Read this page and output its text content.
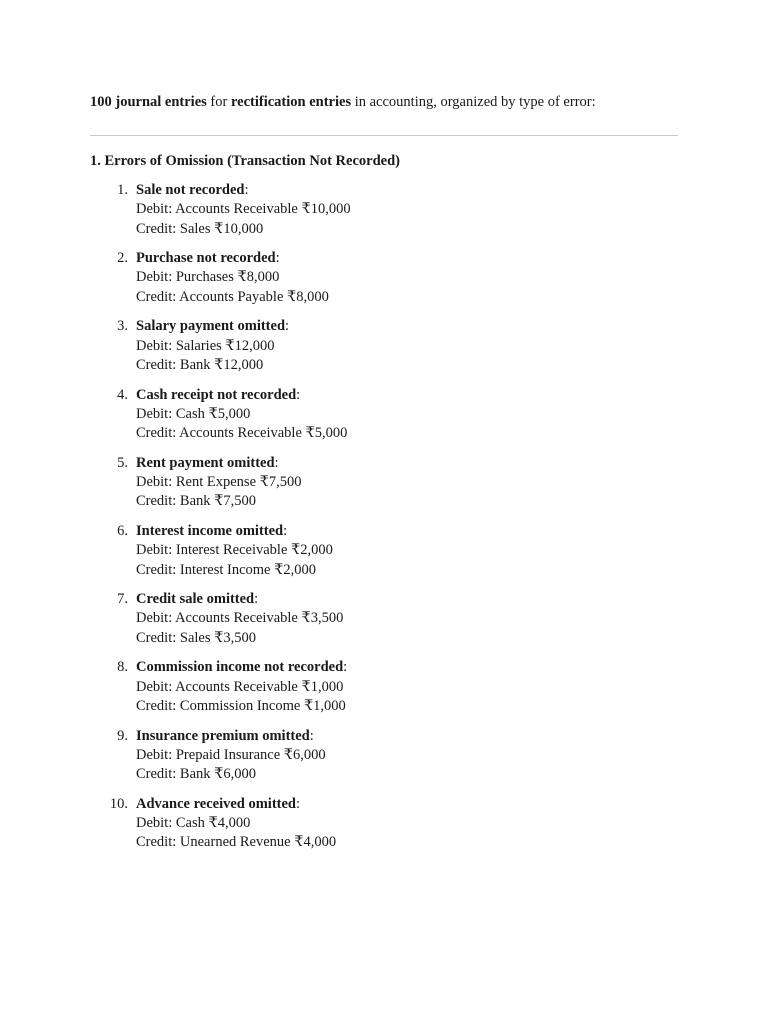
100 journal entries for rectification entries in accounting, organized by type of error:
1. Errors of Omission (Transaction Not Recorded)
1. Sale not recorded:
Debit: Accounts Receivable ₹10,000
Credit: Sales ₹10,000
2. Purchase not recorded:
Debit: Purchases ₹8,000
Credit: Accounts Payable ₹8,000
3. Salary payment omitted:
Debit: Salaries ₹12,000
Credit: Bank ₹12,000
4. Cash receipt not recorded:
Debit: Cash ₹5,000
Credit: Accounts Receivable ₹5,000
5. Rent payment omitted:
Debit: Rent Expense ₹7,500
Credit: Bank ₹7,500
6. Interest income omitted:
Debit: Interest Receivable ₹2,000
Credit: Interest Income ₹2,000
7. Credit sale omitted:
Debit: Accounts Receivable ₹3,500
Credit: Sales ₹3,500
8. Commission income not recorded:
Debit: Accounts Receivable ₹1,000
Credit: Commission Income ₹1,000
9. Insurance premium omitted:
Debit: Prepaid Insurance ₹6,000
Credit: Bank ₹6,000
10. Advance received omitted:
Debit: Cash ₹4,000
Credit: Unearned Revenue ₹4,000
